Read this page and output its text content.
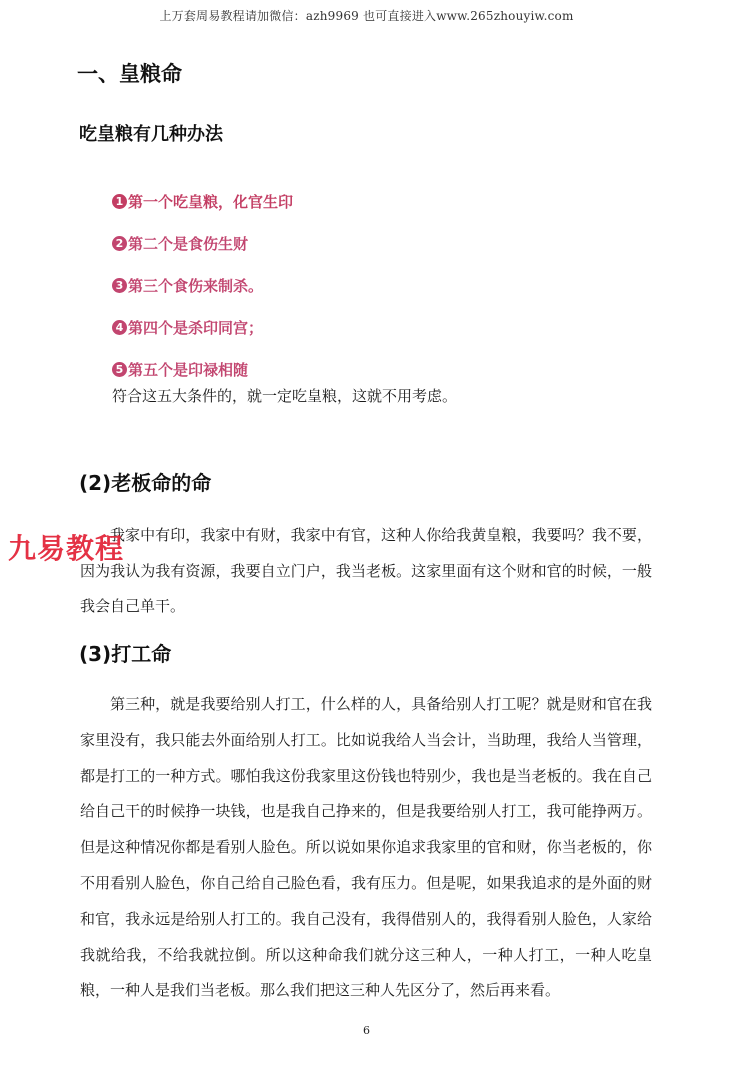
上万套周易教程请加微信：azh9969 也可直接进入www.265zhouyiw.com
一、皇粮命
吃皇粮有几种办法
1 第一个吃皇粮，化官生印
2 第二个是食伤生财
3 第三个食伤来制杀。
4 第四个是杀印同宫；
5 第五个是印禄相随
符合这五大条件的，就一定吃皇粮，这就不用考虑。
(2)老板命的命

我家中有印，我家中有财，我家中有官，这种人你给我黄皇粮，我要吗？我不要，因为我认为我有资源，我要自立门户，我当老板。这家里面有这个财和官的时候，一般我会自己单干。

九易教程
(3)打工命

第三种，就是我要给别人打工，什么样的人，具备给别人打工呢？就是财和官在我家里没有，我只能去外面给别人打工。比如说我给人当会计，当助理，我给人当管理，都是打工的一种方式。哪怕我这份我家里这份钱也特别少，我也是当老板的。我在自己给自己干的时候挣一块钱，也是我自己挣来的，但是我要给别人打工，我可能挣两万。但是这种情况你都是看别人脸色。所以说如果你追求我家里的官和财，你当老板的，你不用看别人脸色，你自己给自己脸色看，我有压力。但是呢，如果我追求的是外面的财和官，我永远是给别人打工的。我自己没有，我得借别人的，我得看别人脸色，人家给我就给我，不给我就拉倒。所以这种命我们就分这三种人，一种人打工，一种人吃皇粮，一种人是我们当老板。那么我们把这三种人先区分了，然后再来看。

6
